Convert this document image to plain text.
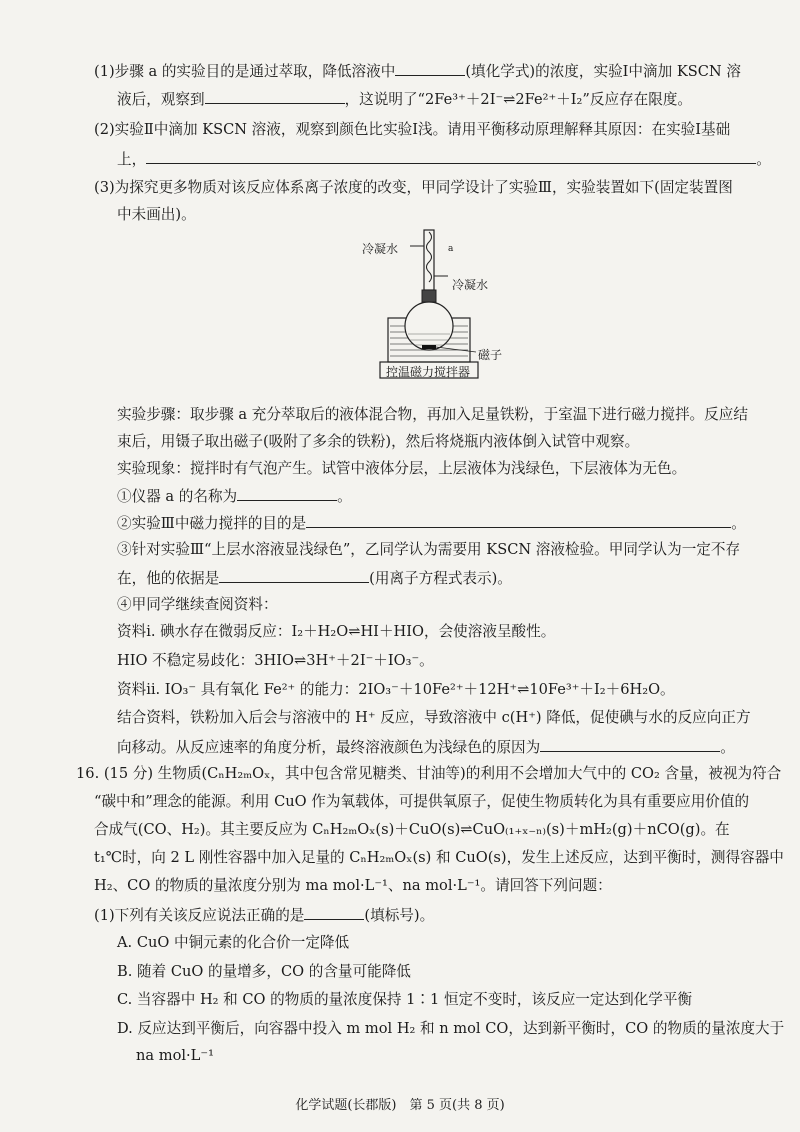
(1)步骤 a 的实验目的是通过萃取，降低溶液中	(填化学式)的浓度，实验Ⅰ中滴加 KSCN 溶
液后，观察到	，这说明了“2Fe³⁺＋2I⁻⇌2Fe²⁺＋I₂”反应存在限度。
(2)实验Ⅱ中滴加 KSCN 溶液，观察到颜色比实验Ⅰ浅。请用平衡移动原理解释其原因：在实验Ⅰ基础
上，	。
(3)为探究更多物质对该反应体系离子浓度的改变，甲同学设计了实验Ⅲ，实验装置如下(固定装置图
中未画出)。
冷凝水	a
冷凝水
磁子
控温磁力搅拌器
实验步骤：取步骤 a 充分萃取后的液体混合物，再加入足量铁粉，于室温下进行磁力搅拌。反应结
束后，用镊子取出磁子(吸附了多余的铁粉)，然后将烧瓶内液体倒入试管中观察。
实验现象：搅拌时有气泡产生。试管中液体分层，上层液体为浅绿色，下层液体为无色。
①仪器 a 的名称为	。
②实验Ⅲ中磁力搅拌的目的是	。
③针对实验Ⅲ“上层水溶液显浅绿色”，乙同学认为需要用 KSCN 溶液检验。甲同学认为一定不存
在，他的依据是	(用离子方程式表示)。
④甲同学继续查阅资料：
资料ⅰ. 碘水存在微弱反应：I₂＋H₂O⇌HI＋HIO，会使溶液呈酸性。
HIO 不稳定易歧化：3HIO⇌3H⁺＋2I⁻＋IO₃⁻。
资料ⅱ. IO₃⁻ 具有氧化 Fe²⁺ 的能力：2IO₃⁻＋10Fe²⁺＋12H⁺⇌10Fe³⁺＋I₂＋6H₂O。
结合资料，铁粉加入后会与溶液中的 H⁺ 反应，导致溶液中 c(H⁺) 降低，促使碘与水的反应向正方
向移动。从反应速率的角度分析，最终溶液颜色为浅绿色的原因为	。
16. (15 分) 生物质(CₙH₂ₘOₓ，其中包含常见糖类、甘油等)的利用不会增加大气中的 CO₂ 含量，被视为符合
“碳中和”理念的能源。利用 CuO 作为氧载体，可提供氧原子，促使生物质转化为具有重要应用价值的
合成气(CO、H₂)。其主要反应为 CₙH₂ₘOₓ(s)＋CuO(s)⇌CuO₍₁₊ₓ₋ₙ₎(s)＋mH₂(g)＋nCO(g)。在
t₁℃时，向 2 L 刚性容器中加入足量的 CₙH₂ₘOₓ(s) 和 CuO(s)，发生上述反应，达到平衡时，测得容器中
H₂、CO 的物质的量浓度分别为 ma mol·L⁻¹、na mol·L⁻¹。请回答下列问题：
(1)下列有关该反应说法正确的是	(填标号)。
A. CuO 中铜元素的化合价一定降低
B. 随着 CuO 的量增多，CO 的含量可能降低
C. 当容器中 H₂ 和 CO 的物质的量浓度保持 1∶1 恒定不变时，该反应一定达到化学平衡
D. 反应达到平衡后，向容器中投入 m mol H₂ 和 n mol CO，达到新平衡时，CO 的物质的量浓度大于
na mol·L⁻¹
化学试题(长郡版)　第 5 页(共 8 页)
